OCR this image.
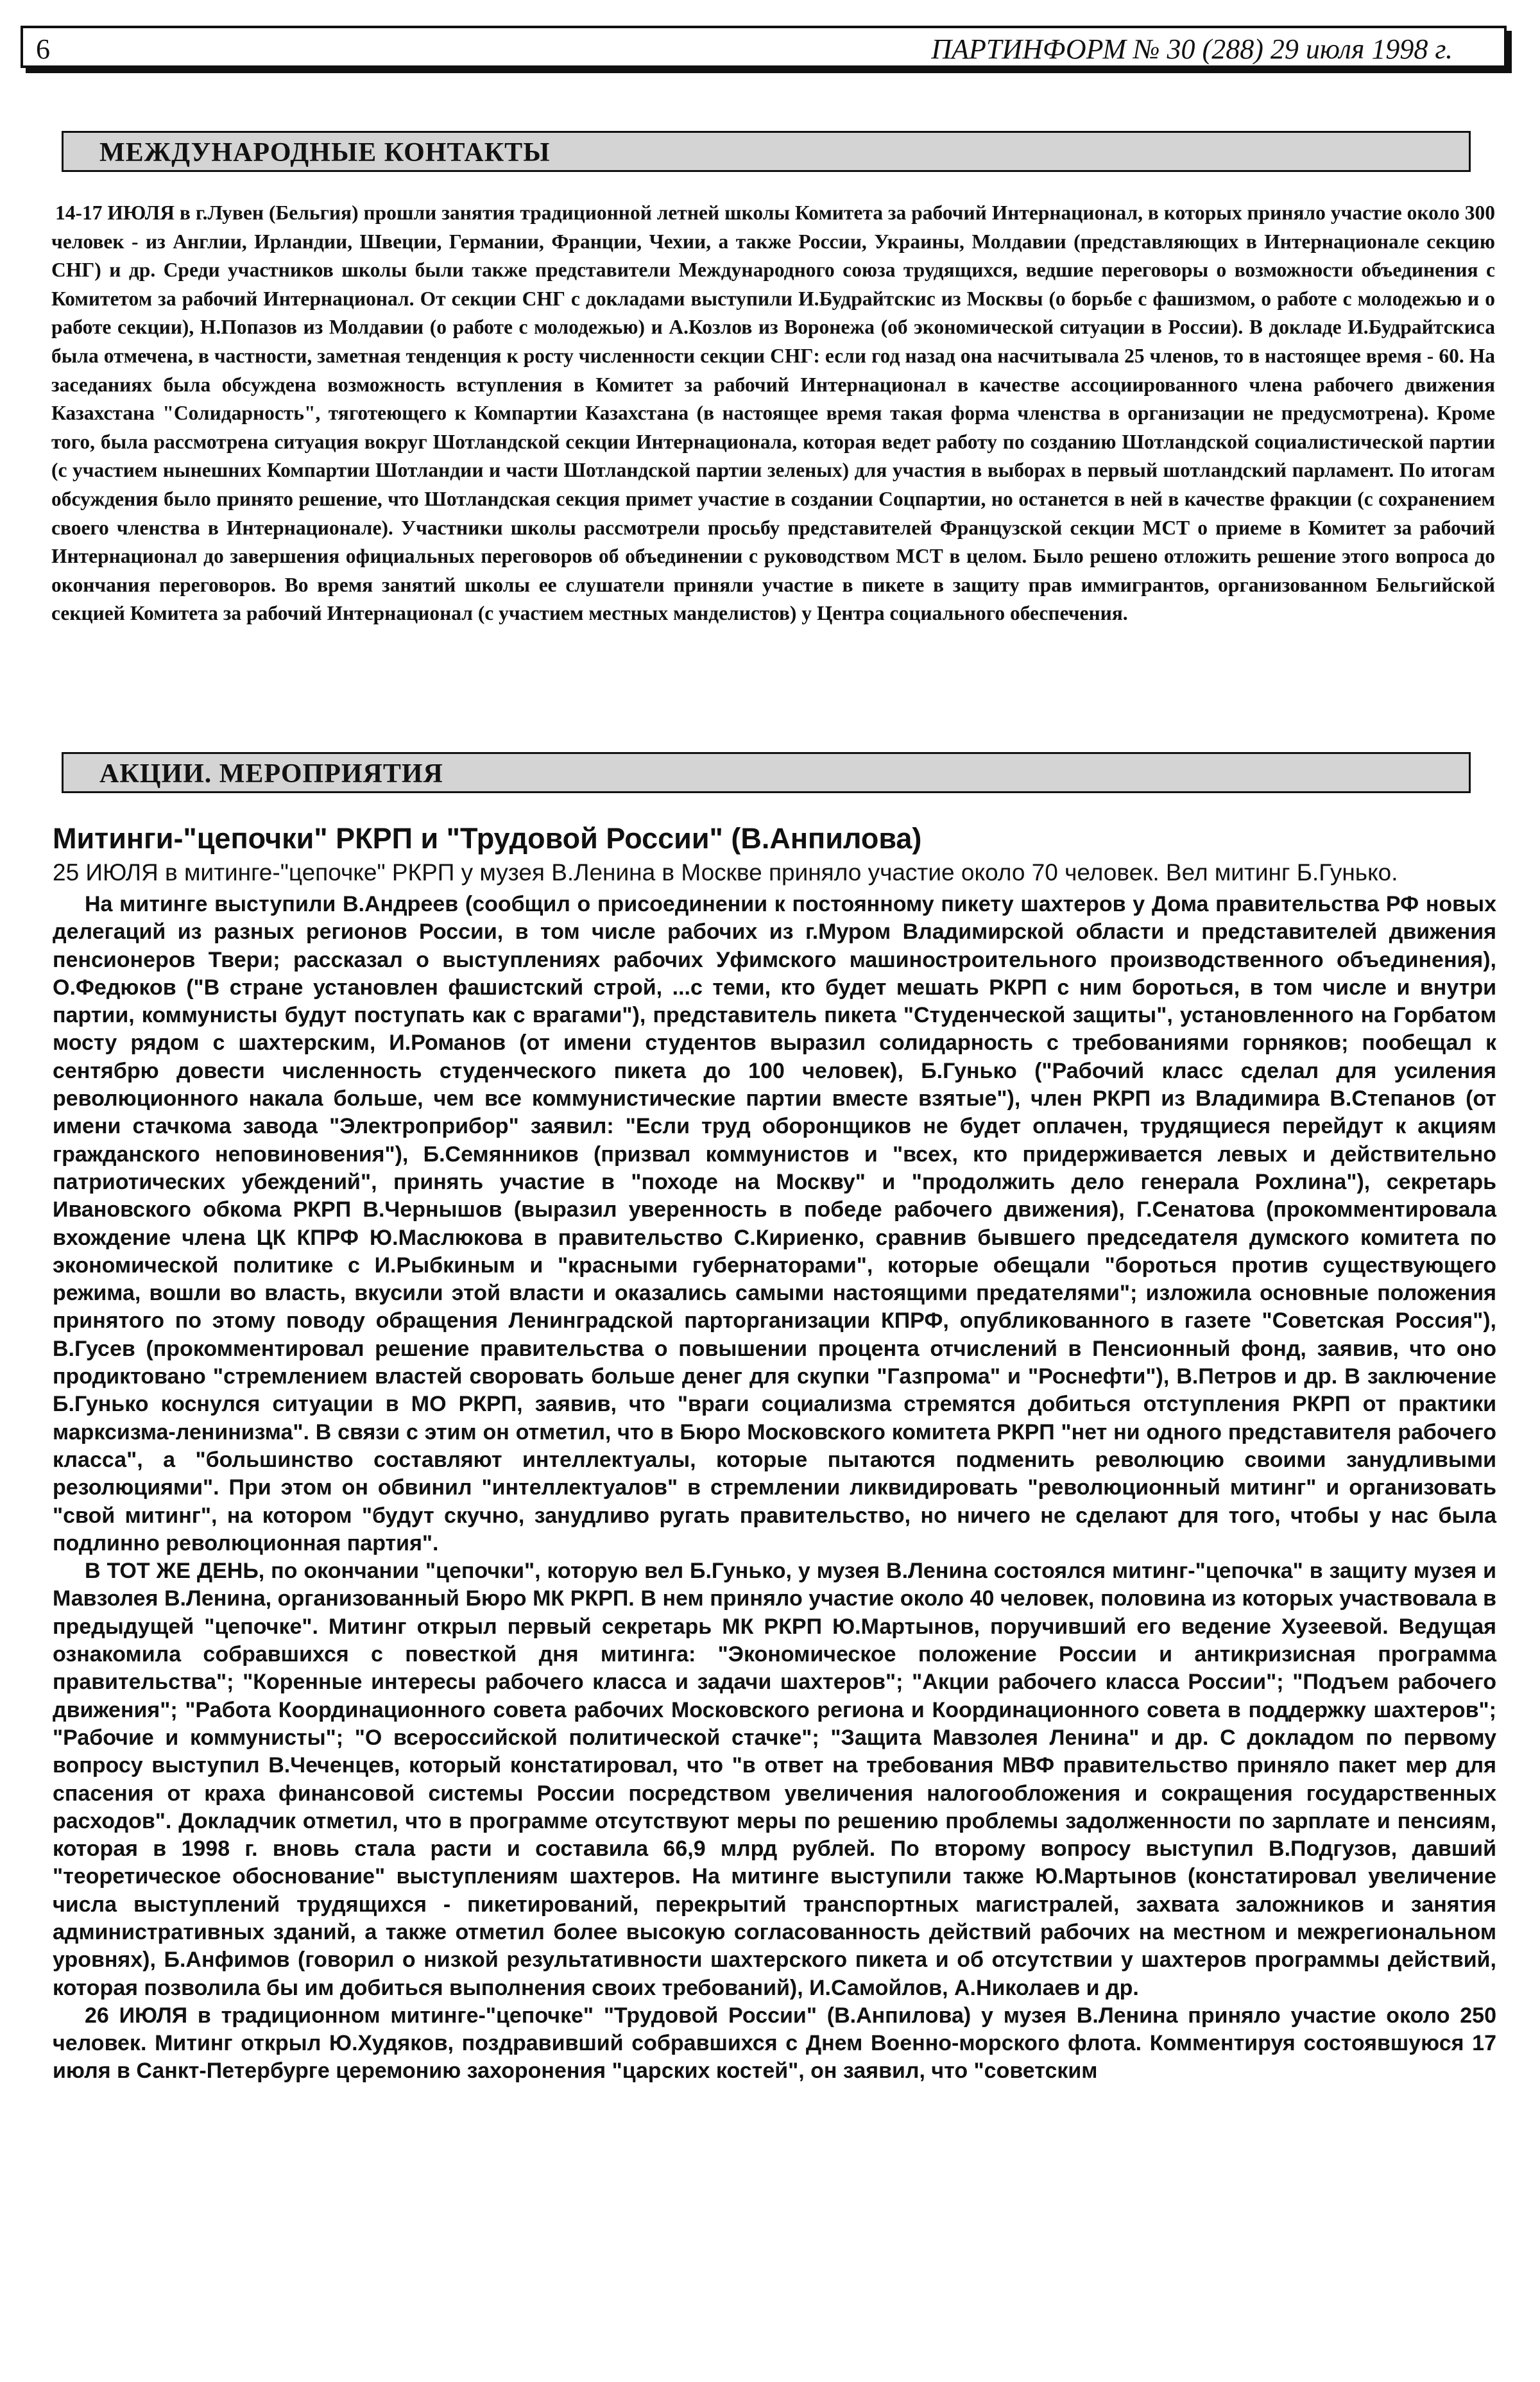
6	ПАРТИНФОРМ № 30 (288) 29 июля 1998 г.
МЕЖДУНАРОДНЫЕ КОНТАКТЫ

14-17 ИЮЛЯ в г.Лувен (Бельгия) прошли занятия традиционной летней школы Комитета за рабочий Интернационал, в которых приняло участие около 300 человек - из Англии, Ирландии, Швеции, Германии, Франции, Чехии, а также России, Украины, Молдавии (представляющих в Интернационале секцию СНГ) и др. Среди участников школы были также представители Международного союза трудящихся, ведшие переговоры о возможности объединения с Комитетом за рабочий Интернационал. От секции СНГ с докладами выступили И.Будрайтскис из Москвы (о борьбе с фашизмом, о работе с молодежью и о работе секции), Н.Попазов из Молдавии (о работе с молодежью) и А.Козлов из Воронежа (об экономической ситуации в России). В докладе И.Будрайтскиса была отмечена, в частности, заметная тенденция к росту численности секции СНГ: если год назад она насчитывала 25 членов, то в настоящее время - 60. На заседаниях была обсуждена возможность вступления в Комитет за рабочий Интернационал в качестве ассоциированного члена рабочего движения Казахстана "Солидарность", тяготеющего к Компартии Казахстана (в настоящее время такая форма членства в организации не предусмотрена). Кроме того, была рассмотрена ситуация вокруг Шотландской секции Интернационала, которая ведет работу по созданию Шотландской социалистической партии (с участием нынешних Компартии Шотландии и части Шотландской партии зеленых) для участия в выборах в первый шотландский парламент. По итогам обсуждения было принято решение, что Шотландская секция примет участие в создании Соцпартии, но останется в ней в качестве фракции (с сохранением своего членства в Интернационале). Участники школы рассмотрели просьбу представителей Французской секции МСТ о приеме в Комитет за рабочий Интернационал до завершения официальных переговоров об объединении с руководством МСТ в целом. Было решено отложить решение этого вопроса до окончания переговоров. Во время занятий школы ее слушатели приняли участие в пикете в защиту прав иммигрантов, организованном Бельгийской секцией Комитета за рабочий Интернационал (с участием местных манделистов) у Центра социального обеспечения.

АКЦИИ. МЕРОПРИЯТИЯ
Митинги-"цепочки" РКРП и "Трудовой России" (В.Анпилова)

25 ИЮЛЯ в митинге-"цепочке" РКРП у музея В.Ленина в Москве приняло участие около 70 человек. Вел митинг Б.Гунько.

На митинге выступили В.Андреев (сообщил о присоединении к постоянному пикету шахтеров у Дома правительства РФ новых делегаций из разных регионов России, в том числе рабочих из г.Муром Владимирской области и представителей движения пенсионеров Твери; рассказал о выступлениях рабочих Уфимского машиностроительного производственного объединения), О.Федюков ("В стране установлен фашистский строй, ...с теми, кто будет мешать РКРП с ним бороться, в том числе и внутри партии, коммунисты будут поступать как с врагами"), представитель пикета "Студенческой защиты", установленного на Горбатом мосту рядом с шахтерским, И.Романов (от имени студентов выразил солидарность с требованиями горняков; пообещал к сентябрю довести численность студенческого пикета до 100 человек), Б.Гунько ("Рабочий класс сделал для усиления революционного накала больше, чем все коммунистические партии вместе взятые"), член РКРП из Владимира В.Степанов (от имени стачкома завода "Электроприбор" заявил: "Если труд оборонщиков не будет оплачен, трудящиеся перейдут к акциям гражданского неповиновения"), Б.Семянников (призвал коммунистов и "всех, кто придерживается левых и действительно патриотических убеждений", принять участие в "походе на Москву" и "продолжить дело генерала Рохлина"), секретарь Ивановского обкома РКРП В.Чернышов (выразил уверенность в победе рабочего движения), Г.Сенатова (прокомментировала вхождение члена ЦК КПРФ Ю.Маслюкова в правительство С.Кириенко, сравнив бывшего председателя думского комитета по экономической политике с И.Рыбкиным и "красными губернаторами", которые обещали "бороться против существующего режима, вошли во власть, вкусили этой власти и оказались самыми настоящими предателями"; изложила основные положения принятого по этому поводу обращения Ленинградской парторганизации КПРФ, опубликованного в газете "Советская Россия"), В.Гусев (прокомментировал решение правительства о повышении процента отчислений в Пенсионный фонд, заявив, что оно продиктовано "стремлением властей своровать больше денег для скупки "Газпрома" и "Роснефти"), В.Петров и др. В заключение Б.Гунько коснулся ситуации в МО РКРП, заявив, что "враги социализма стремятся добиться отступления РКРП от практики марксизма-ленинизма". В связи с этим он отметил, что в Бюро Московского комитета РКРП "нет ни одного представителя рабочего класса", а "большинство составляют интеллектуалы, которые пытаются подменить революцию своими занудливыми резолюциями". При этом он обвинил "интеллектуалов" в стремлении ликвидировать "революционный митинг" и организовать "свой митинг", на котором "будут скучно, занудливо ругать правительство, но ничего не сделают для того, чтобы у нас была подлинно революционная партия".

В ТОТ ЖЕ ДЕНЬ, по окончании "цепочки", которую вел Б.Гунько, у музея В.Ленина состоялся митинг-"цепочка" в защиту музея и Мавзолея В.Ленина, организованный Бюро МК РКРП. В нем приняло участие около 40 человек, половина из которых участвовала в предыдущей "цепочке". Митинг открыл первый секретарь МК РКРП Ю.Мартынов, поручивший его ведение Хузеевой. Ведущая ознакомила собравшихся с повесткой дня митинга: "Экономическое положение России и антикризисная программа правительства"; "Коренные интересы рабочего класса и задачи шахтеров"; "Акции рабочего класса России"; "Подъем рабочего движения"; "Работа Координационного совета рабочих Московского региона и Координационного совета в поддержку шахтеров"; "Рабочие и коммунисты"; "О всероссийской политической стачке"; "Защита Мавзолея Ленина" и др. С докладом по первому вопросу выступил В.Чеченцев, который констатировал, что "в ответ на требования МВФ правительство приняло пакет мер для спасения от краха финансовой системы России посредством увеличения налогообложения и сокращения государственных расходов". Докладчик отметил, что в программе отсутствуют меры по решению проблемы задолженности по зарплате и пенсиям, которая в 1998 г. вновь стала расти и составила 66,9 млрд рублей. По второму вопросу выступил В.Подгузов, давший "теоретическое обоснование" выступлениям шахтеров. На митинге выступили также Ю.Мартынов (констатировал увеличение числа выступлений трудящихся - пикетирований, перекрытий транспортных магистралей, захвата заложников и занятия административных зданий, а также отметил более высокую согласованность действий рабочих на местном и межрегиональном уровнях), Б.Анфимов (говорил о низкой результативности шахтерского пикета и об отсутствии у шахтеров программы действий, которая позволила бы им добиться выполнения своих требований), И.Самойлов, А.Николаев и др.

26 ИЮЛЯ в традиционном митинге-"цепочке" "Трудовой России" (В.Анпилова) у музея В.Ленина приняло участие около 250 человек. Митинг открыл Ю.Худяков, поздравивший собравшихся с Днем Военно-морского флота. Комментируя состоявшуюся 17 июля в Санкт-Петербурге церемонию захоронения "царских костей", он заявил, что "советским
